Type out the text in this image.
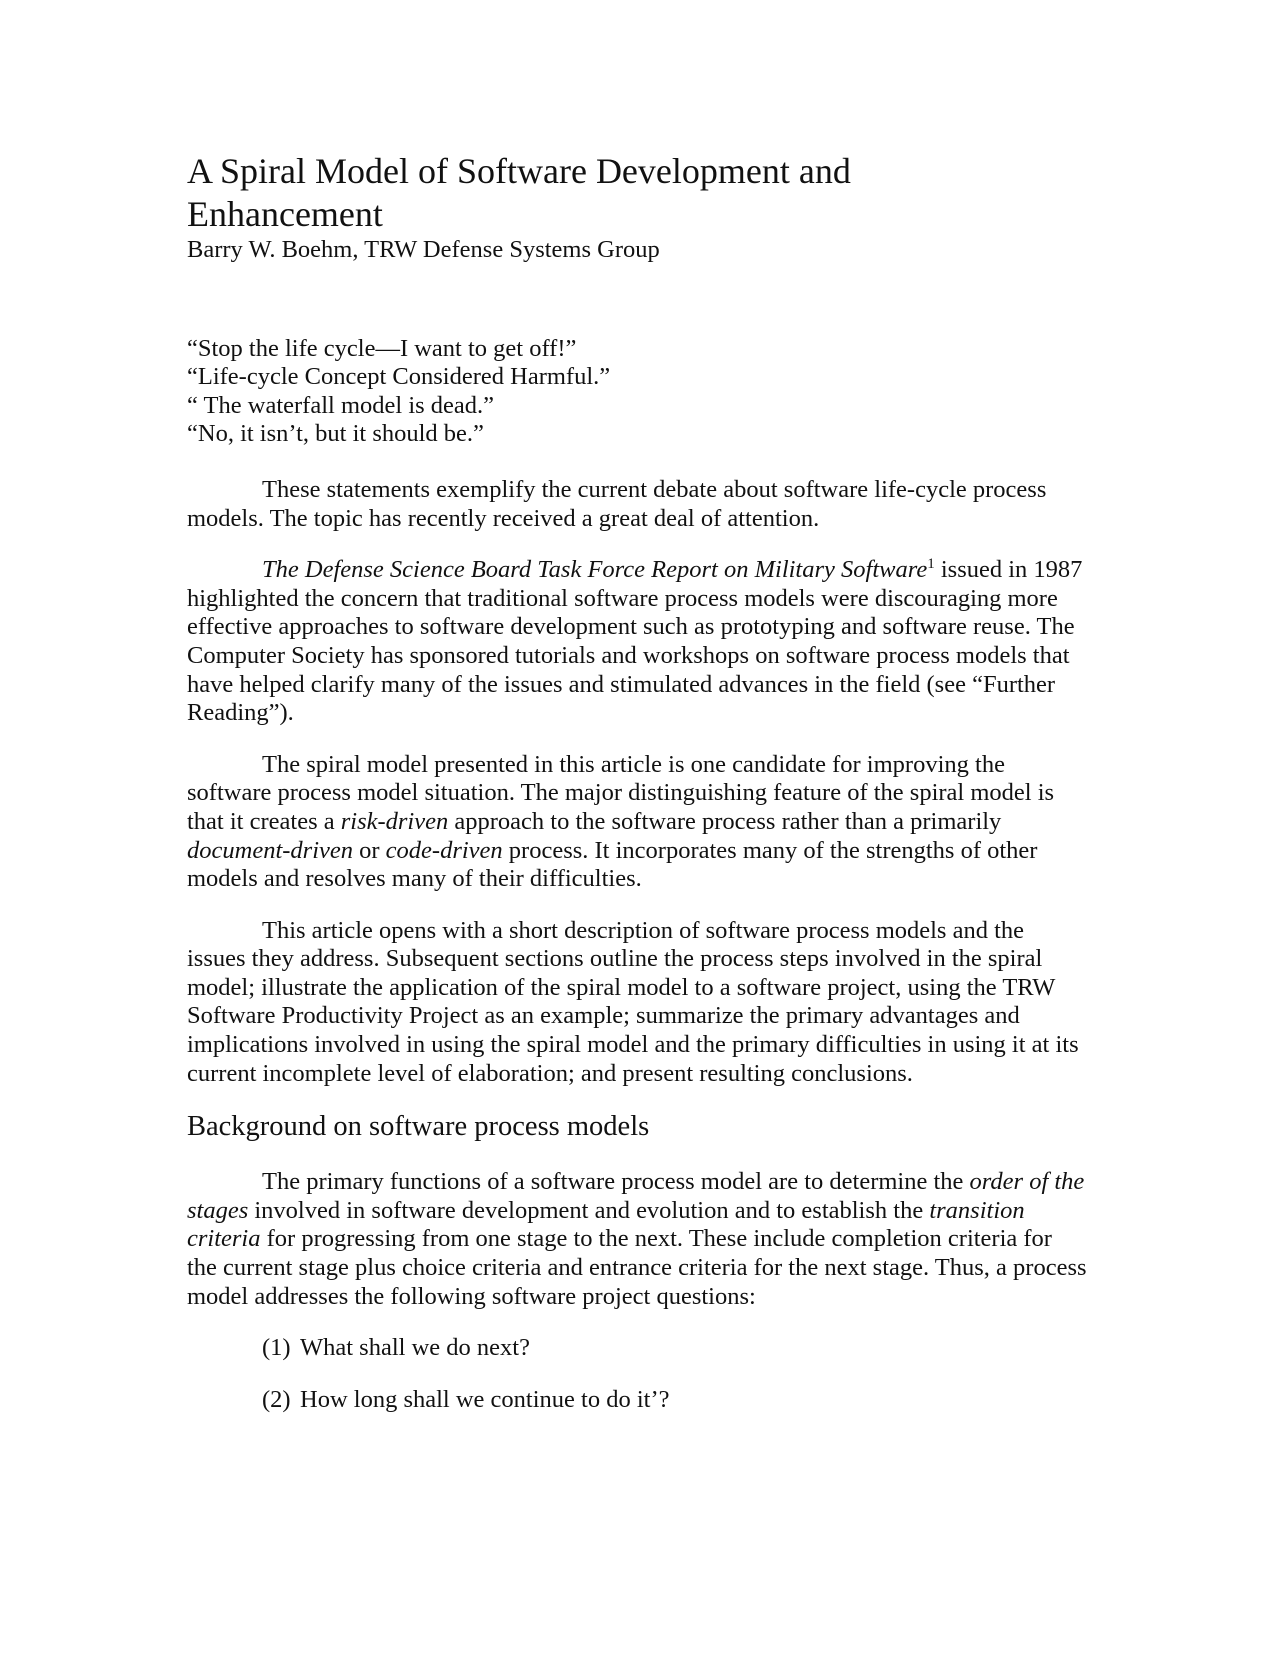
A Spiral Model of Software Development and Enhancement
Barry W. Boehm, TRW Defense Systems Group
“Stop the life cycle—I want to get off!”
“Life-cycle Concept Considered Harmful.”
“ The waterfall model is dead.”
“No, it isn’t, but it should be.”

These statements exemplify the current debate about software life-cycle process models. The topic has recently received a great deal of attention.

The Defense Science Board Task Force Report on Military Software$^1$ issued in 1987 highlighted the concern that traditional software process models were discouraging more effective approaches to software development such as prototyping and software reuse. The Computer Society has sponsored tutorials and workshops on software process models that have helped clarify many of the issues and stimulated advances in the field (see “Further Reading”).

The spiral model presented in this article is one candidate for improving the software process model situation. The major distinguishing feature of the spiral model is that it creates a risk-driven approach to the software process rather than a primarily document-driven or code-driven process. It incorporates many of the strengths of other models and resolves many of their difficulties.

This article opens with a short description of software process models and the issues they address. Subsequent sections outline the process steps involved in the spiral model; illustrate the application of the spiral model to a software project, using the TRW Software Productivity Project as an example; summarize the primary advantages and implications involved in using the spiral model and the primary difficulties in using it at its current incomplete level of elaboration; and present resulting conclusions.

Background on software process models

The primary functions of a software process model are to determine the order of the stages involved in software development and evolution and to establish the transition criteria for progressing from one stage to the next. These include completion criteria for the current stage plus choice criteria and entrance criteria for the next stage. Thus, a process model addresses the following software project questions:

(1) What shall we do next?
(2) How long shall we continue to do it’?
